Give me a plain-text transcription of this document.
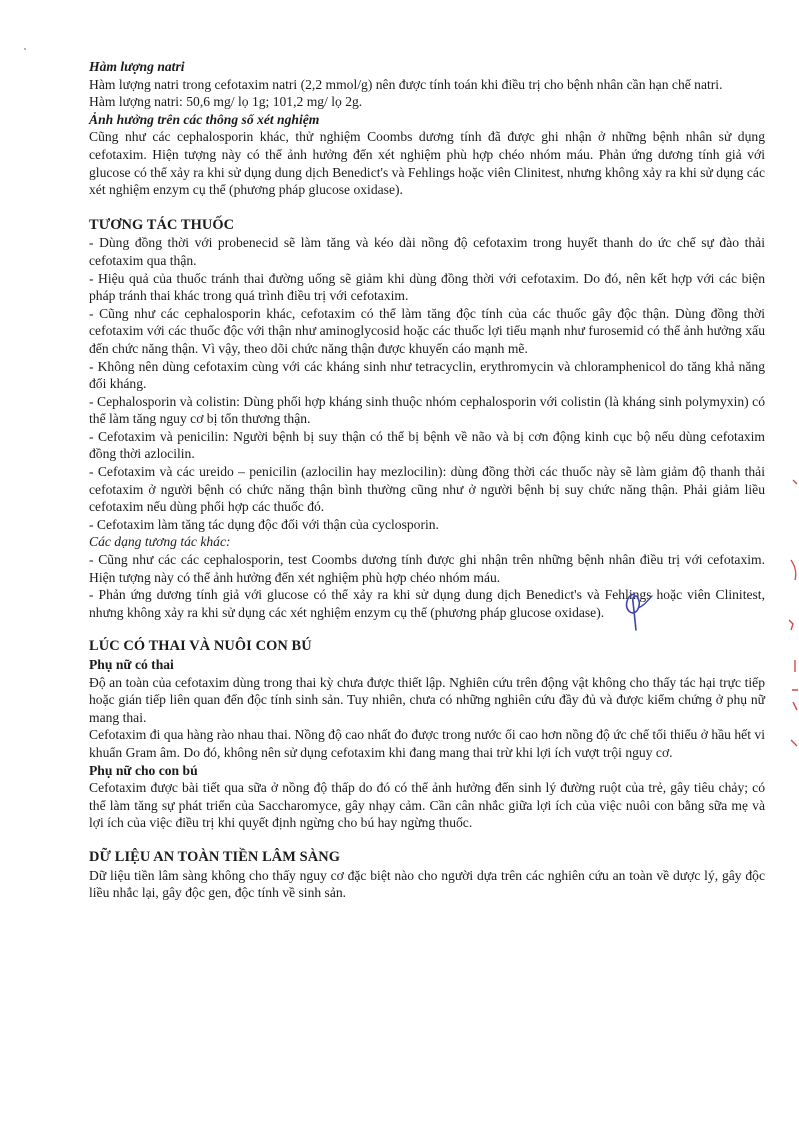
Hàm lượng natri

Hàm lượng natri trong cefotaxim natri (2,2 mmol/g) nên được tính toán khi điều trị cho bệnh nhân cần hạn chế natri.

Hàm lượng natri: 50,6 mg/ lọ 1g; 101,2 mg/ lọ 2g.

Ảnh hưởng trên các thông số xét nghiệm

Cũng như các cephalosporin khác, thử nghiệm Coombs dương tính đã được ghi nhận ở những bệnh nhân sử dụng cefotaxim. Hiện tượng này có thể ảnh hưởng đến xét nghiệm phù hợp chéo nhóm máu. Phản ứng dương tính giả với glucose có thể xảy ra khi sử dụng dung dịch Benedict's và Fehlings hoặc viên Clinitest, nhưng không xảy ra khi sử dụng các xét nghiệm enzym cụ thể (phương pháp glucose oxidase).

TƯƠNG TÁC THUỐC

- Dùng đồng thời với probenecid sẽ làm tăng và kéo dài nồng độ cefotaxim trong huyết thanh do ức chế sự đào thải cefotaxim qua thận.

- Hiệu quả của thuốc tránh thai đường uống sẽ giảm khi dùng đồng thời với cefotaxim. Do đó, nên kết hợp với các biện pháp tránh thai khác trong quá trình điều trị với cefotaxim.

- Cũng như các cephalosporin khác, cefotaxim có thể làm tăng độc tính của các thuốc gây độc thận. Dùng đồng thời cefotaxim với các thuốc độc với thận như aminoglycosid hoặc các thuốc lợi tiểu mạnh như furosemid có thể ảnh hưởng xấu đến chức năng thận. Vì vậy, theo dõi chức năng thận được khuyến cáo mạnh mẽ.

- Không nên dùng cefotaxim cùng với các kháng sinh như tetracyclin, erythromycin và chloramphenicol do tăng khả năng đối kháng.

- Cephalosporin và colistin: Dùng phối hợp kháng sinh thuộc nhóm cephalosporin với colistin (là kháng sinh polymyxin) có thể làm tăng nguy cơ bị tổn thương thận.

- Cefotaxim và penicilin: Người bệnh bị suy thận có thể bị bệnh về não và bị cơn động kinh cục bộ nếu dùng cefotaxim đồng thời azlocilin.

- Cefotaxim và các ureido – penicilin (azlocilin hay mezlocilin): dùng đồng thời các thuốc này sẽ làm giảm độ thanh thải cefotaxim ở người bệnh có chức năng thận bình thường cũng như ở người bệnh bị suy chức năng thận. Phải giảm liều cefotaxim nếu dùng phối hợp các thuốc đó.

- Cefotaxim làm tăng tác dụng độc đối với thận của cyclosporin.

Các dạng tương tác khác:

- Cũng như các các cephalosporin, test Coombs dương tính được ghi nhận trên những bệnh nhân điều trị với cefotaxim. Hiện tượng này có thể ảnh hưởng đến xét nghiệm phù hợp chéo nhóm máu.

- Phản ứng dương tính giả với glucose có thể xảy ra khi sử dụng dung dịch Benedict's và Fehlings hoặc viên Clinitest, nhưng không xảy ra khi sử dụng các xét nghiệm enzym cụ thể (phương pháp glucose oxidase).

LÚC CÓ THAI VÀ NUÔI CON BÚ

Phụ nữ có thai

Độ an toàn của cefotaxim dùng trong thai kỳ chưa được thiết lập. Nghiên cứu trên động vật không cho thấy tác hại trực tiếp hoặc gián tiếp liên quan đến độc tính sinh sản. Tuy nhiên, chưa có những nghiên cứu đầy đủ và được kiểm chứng ở phụ nữ mang thai.

Cefotaxim đi qua hàng rào nhau thai. Nồng độ cao nhất đo được trong nước ối cao hơn nồng độ ức chế tối thiểu ở hầu hết vi khuẩn Gram âm. Do đó, không nên sử dụng cefotaxim khi đang mang thai trừ khi lợi ích vượt trội nguy cơ.

Phụ nữ cho con bú

Cefotaxim được bài tiết qua sữa ở nồng độ thấp do đó có thể ảnh hưởng đến sinh lý đường ruột của trẻ, gây tiêu chảy; có thể làm tăng sự phát triển của Saccharomyce, gây nhạy cảm. Cần cân nhắc giữa lợi ích của việc nuôi con bằng sữa mẹ và lợi ích của việc điều trị khi quyết định ngừng cho bú hay ngừng thuốc.

DỮ LIỆU AN TOÀN TIỀN LÂM SÀNG

Dữ liệu tiền lâm sàng không cho thấy nguy cơ đặc biệt nào cho người dựa trên các nghiên cứu an toàn về dược lý, gây độc liều nhắc lại, gây độc gen, độc tính về sinh sản.
